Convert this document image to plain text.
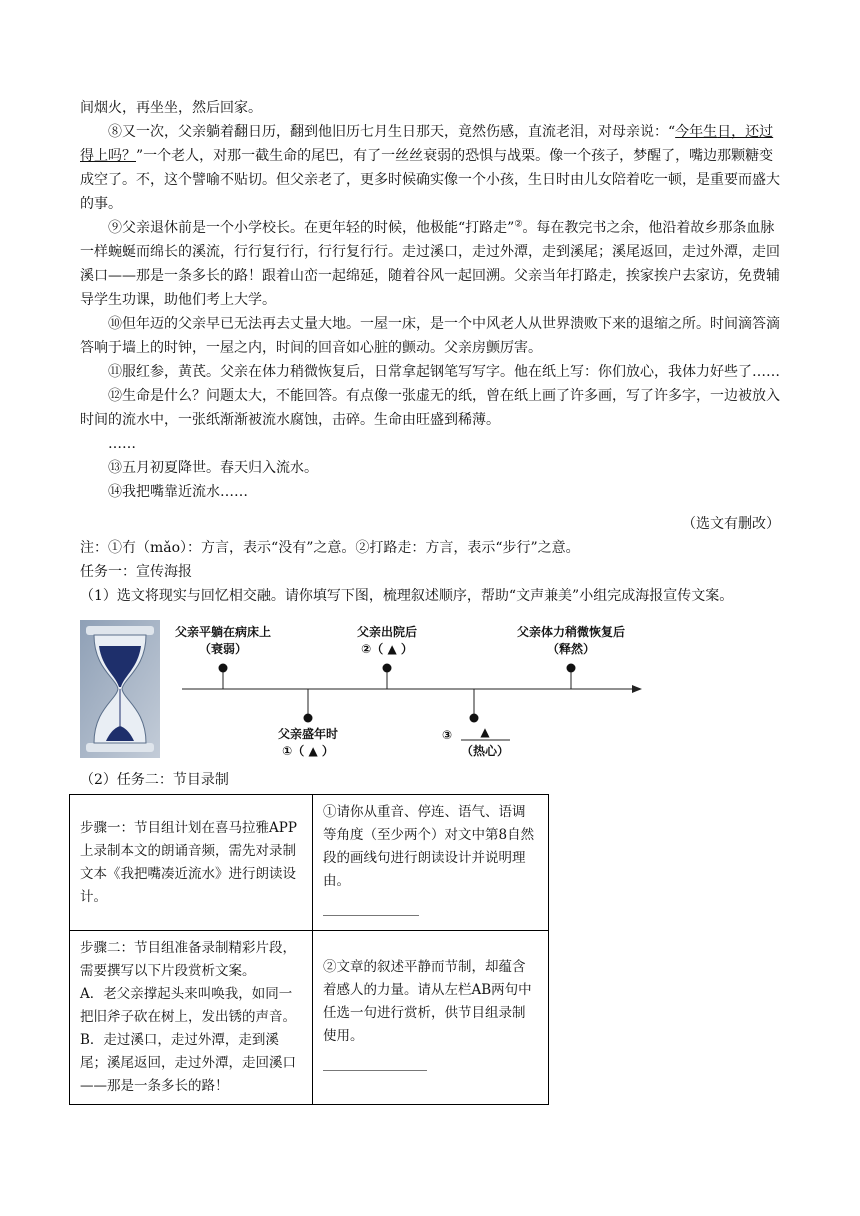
间烟火，再坐坐，然后回家。

⑧又一次，父亲躺着翻日历，翻到他旧历七月生日那天，竟然伤感，直流老泪，对母亲说：“今年生日，还过得上吗？”一个老人，对那一截生命的尾巴，有了一丝丝衰弱的恐惧与战栗。像一个孩子，梦醒了，嘴边那颗糖变成空了。不，这个譬喻不贴切。但父亲老了，更多时候确实像一个小孩，生日时由儿女陪着吃一顿，是重要而盛大的事。

⑨父亲退休前是一个小学校长。在更年轻的时候，他极能“打路走”②。每在教完书之余，他沿着故乡那条血脉一样蜿蜒而绵长的溪流，行行复行行，行行复行行。走过溪口，走过外潭，走到溪尾；溪尾返回，走过外潭，走回溪口——那是一条多长的路！跟着山峦一起绵延，随着谷风一起回溯。父亲当年打路走，挨家挨户去家访，免费辅导学生功课，助他们考上大学。

⑩但年迈的父亲早已无法再去丈量大地。一屋一床，是一个中风老人从世界溃败下来的退缩之所。时间滴答滴答响于墙上的时钟，一屋之内，时间的回音如心脏的颤动。父亲房颤厉害。

⑪服红参，黄芪。父亲在体力稍微恢复后，日常拿起钢笔写写字。他在纸上写：你们放心，我体力好些了……

⑫生命是什么？问题太大，不能回答。有点像一张虚无的纸，曾在纸上画了许多画，写了许多字，一边被放入时间的流水中，一张纸渐渐被流水腐蚀，击碎。生命由旺盛到稀薄。

……

⑬五月初夏降世。春天归入流水。

⑭我把嘴靠近流水……

（选文有删改）

注：①冇（mǎo）：方言，表示“没有”之意。②打路走：方言，表示“步行”之意。

任务一：宣传海报

（1）选文将现实与回忆相交融。请你填写下图，梳理叙述顺序，帮助“文声兼美”小组完成海报宣传文案。

父亲平躺在病床上
（衰弱）
父亲出院后
②（ ▲ ）
父亲体力稍微恢复后
（释然）
父亲盛年时
①（ ▲ ）
③	▲
（热心）

（2）任务二：节目录制

步骤一：节目组计划在喜马拉雅APP上录制本文的朗诵音频，需先对录制文本《我把嘴凑近流水》进行朗读设计。	①请你从重音、停连、语气、语调等角度（至少两个）对文中第8自然段的画线句进行朗读设计并说明理由。

步骤二：节目组准备录制精彩片段，需要撰写以下片段赏析文案。
A．老父亲撑起头来叫唤我，如同一把旧斧子砍在树上，发出锈的声音。
B．走过溪口，走过外潭，走到溪尾；溪尾返回，走过外潭，走回溪口——那是一条多长的路！	②文章的叙述平静而节制，却蕴含着感人的力量。请从左栏AB两句中任选一句进行赏析，供节目组录制使用。
